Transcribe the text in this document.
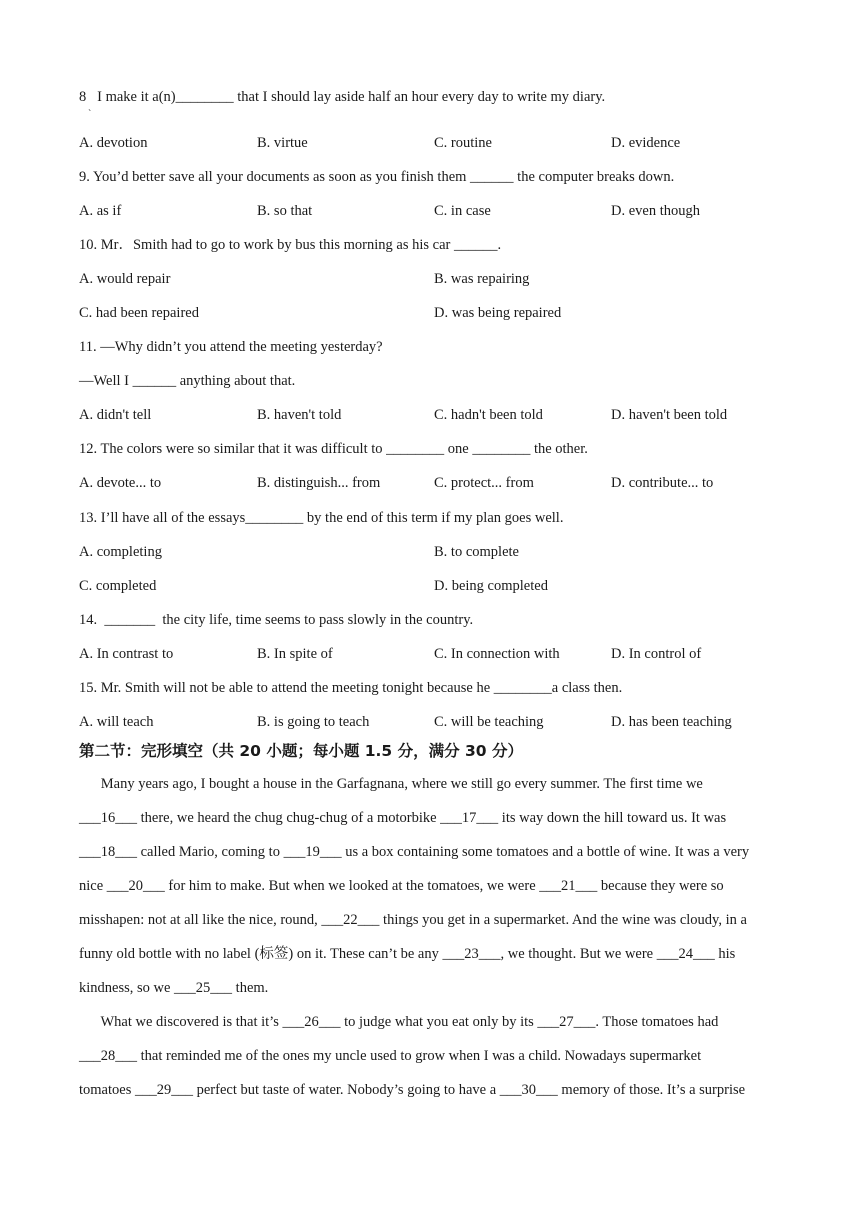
8   I make it a(n)________ that I should lay aside half an hour every day to write my diary.
`
A. devotion	B. virtue	C. routine	D. evidence
9. You’d better save all your documents as soon as you finish them ______ the computer breaks down.
A. as if	B. so that	C. in case	D. even though
10. Mr．Smith had to go to work by bus this morning as his car ______.
A. would repair	B. was repairing
C. had been repaired	D. was being repaired
11. —Why didn’t you attend the meeting yesterday?
—Well I ______ anything about that.
A. didn't tell	B. haven't told	C. hadn't been told	D. haven't been told
12. The colors were so similar that it was difficult to ________ one ________ the other.
A. devote... to	B. distinguish... from	C. protect... from	D. contribute... to
13. I’ll have all of the essays________ by the end of this term if my plan goes well.
A. completing	B. to complete
C. completed	D. being completed
14.  _______  the city life, time seems to pass slowly in the country.
A. In contrast to	B. In spite of	C. In connection with	D. In control of
15. Mr. Smith will not be able to attend the meeting tonight because he ________a class then.
A. will teach	B. is going to teach	C. will be teaching	D. has been teaching
第二节：完形填空（共 20 小题；每小题 1.5 分，满分 30 分）
Many years ago, I bought a house in the Garfagnana, where we still go every summer. The first time we
___16___ there, we heard the chug chug-chug of a motorbike ___17___ its way down the hill toward us. It was
___18___ called Mario, coming to ___19___ us a box containing some tomatoes and a bottle of wine. It was a very
nice ___20___ for him to make. But when we looked at the tomatoes, we were ___21___ because they were so
misshapen: not at all like the nice, round, ___22___ things you get in a supermarket. And the wine was cloudy, in a
funny old bottle with no label (标签) on it. These can’t be any ___23___, we thought. But we were ___24___ his
kindness, so we ___25___ them.
What we discovered is that it’s ___26___ to judge what you eat only by its ___27___. Those tomatoes had
___28___ that reminded me of the ones my uncle used to grow when I was a child. Nowadays supermarket
tomatoes ___29___ perfect but taste of water. Nobody’s going to have a ___30___ memory of those. It’s a surprise
